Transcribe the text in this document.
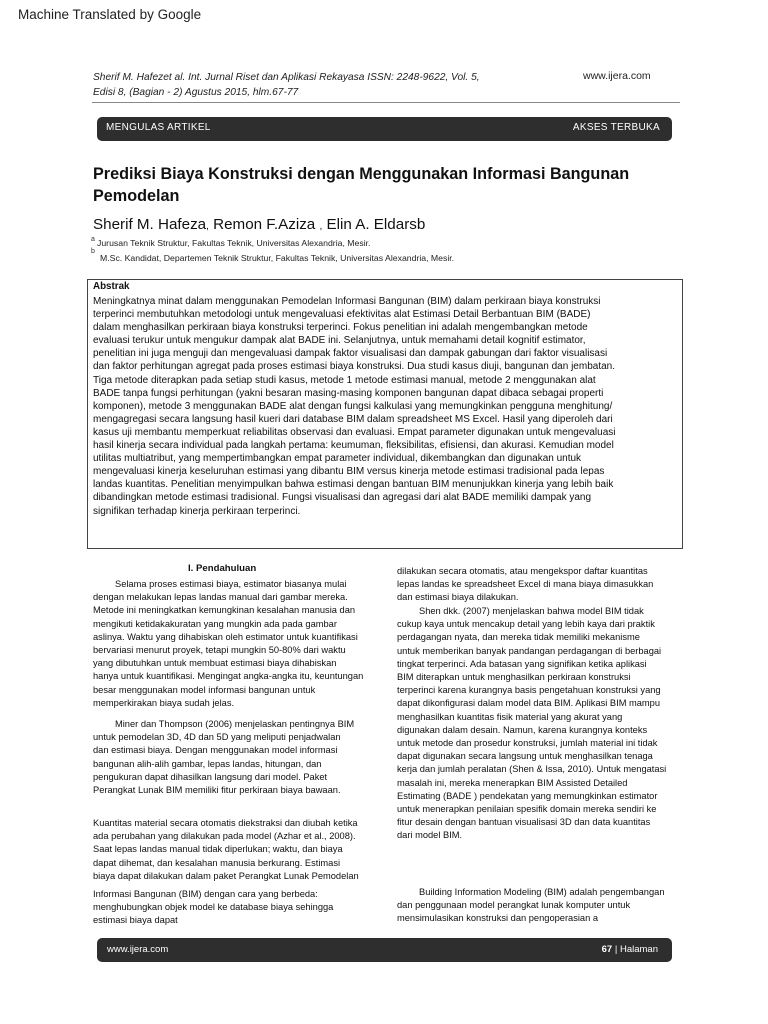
Machine Translated by Google
Sherif M. Hafezet al. Int. Jurnal Riset dan Aplikasi Rekayasa ISSN: 2248-9622, Vol. 5,
Edisi 8, (Bagian - 2) Agustus 2015, hlm.67-77
www.ijera.com
MENGULAS ARTIKEL	AKSES TERBUKA
Prediksi Biaya Konstruksi dengan Menggunakan Informasi Bangunan
Pemodelan
Sherif M. Hafeza, Remon F.Aziza , Elin A. Eldarsb
a Jurusan Teknik Struktur, Fakultas Teknik, Universitas Alexandria, Mesir.
b
M.Sc. Kandidat, Departemen Teknik Struktur, Fakultas Teknik, Universitas Alexandria, Mesir.
Abstrak
Meningkatnya minat dalam menggunakan Pemodelan Informasi Bangunan (BIM) dalam perkiraan biaya konstruksi
terperinci membutuhkan metodologi untuk mengevaluasi efektivitas alat Estimasi Detail Berbantuan BIM (BADE)
dalam menghasilkan perkiraan biaya konstruksi terperinci. Fokus penelitian ini adalah mengembangkan metode
evaluasi terukur untuk mengukur dampak alat BADE ini. Selanjutnya, untuk memahami detail kognitif estimator,
penelitian ini juga menguji dan mengevaluasi dampak faktor visualisasi dan dampak gabungan dari faktor visualisasi
dan faktor perhitungan agregat pada proses estimasi biaya konstruksi. Dua studi kasus diuji, bangunan dan jembatan.
Tiga metode diterapkan pada setiap studi kasus, metode 1 metode estimasi manual, metode 2 menggunakan alat
BADE tanpa fungsi perhitungan (yakni besaran masing-masing komponen bangunan dapat dibaca sebagai properti
komponen), metode 3 menggunakan BADE alat dengan fungsi kalkulasi yang memungkinkan pengguna menghitung/
mengagregasi secara langsung hasil kueri dari database BIM dalam spreadsheet MS Excel. Hasil yang diperoleh dari
kasus uji membantu memperkuat reliabilitas observasi dan evaluasi. Empat parameter digunakan untuk mengevaluasi
hasil kinerja secara individual pada langkah pertama: keumuman, fleksibilitas, efisiensi, dan akurasi. Kemudian model
utilitas multiatribut, yang mempertimbangkan empat parameter individual, dikembangkan dan digunakan untuk
mengevaluasi kinerja keseluruhan estimasi yang dibantu BIM versus kinerja metode estimasi tradisional pada lepas
landas kuantitas. Penelitian menyimpulkan bahwa estimasi dengan bantuan BIM menunjukkan kinerja yang lebih baik
dibandingkan metode estimasi tradisional. Fungsi visualisasi dan agregasi dari alat BADE memiliki dampak yang
signifikan terhadap kinerja perkiraan terperinci.
I. Pendahuluan
Selama proses estimasi biaya, estimator biasanya mulai
dengan melakukan lepas landas manual dari gambar mereka.
Metode ini meningkatkan kemungkinan kesalahan manusia dan
mengikuti ketidakakuratan yang mungkin ada pada gambar
aslinya. Waktu yang dihabiskan oleh estimator untuk kuantifikasi
bervariasi menurut proyek, tetapi mungkin 50-80% dari waktu
yang dibutuhkan untuk membuat estimasi biaya dihabiskan
hanya untuk kuantifikasi. Mengingat angka-angka itu, keuntungan
besar menggunakan model informasi bangunan untuk
memperkirakan biaya sudah jelas.
Miner dan Thompson (2006) menjelaskan pentingnya BIM
untuk pemodelan 3D, 4D dan 5D yang meliputi penjadwalan
dan estimasi biaya. Dengan menggunakan model informasi
bangunan alih-alih gambar, lepas landas, hitungan, dan
pengukuran dapat dihasilkan langsung dari model. Paket
Perangkat Lunak BIM memiliki fitur perkiraan biaya bawaan.
Kuantitas material secara otomatis diekstraksi dan diubah ketika
ada perubahan yang dilakukan pada model (Azhar et al., 2008).
Saat lepas landas manual tidak diperlukan; waktu, dan biaya
dapat dihemat, dan kesalahan manusia berkurang. Estimasi
biaya dapat dilakukan dalam paket Perangkat Lunak Pemodelan
Informasi Bangunan (BIM) dengan cara yang berbeda:
menghubungkan objek model ke database biaya sehingga
estimasi biaya dapat
dilakukan secara otomatis, atau mengekspor daftar kuantitas
lepas landas ke spreadsheet Excel di mana biaya dimasukkan
dan estimasi biaya dilakukan.
Shen dkk. (2007) menjelaskan bahwa model BIM tidak
cukup kaya untuk mencakup detail yang lebih kaya dari praktik
perdagangan nyata, dan mereka tidak memiliki mekanisme
untuk memberikan banyak pandangan perdagangan di berbagai
tingkat terperinci. Ada batasan yang signifikan ketika aplikasi
BIM diterapkan untuk menghasilkan perkiraan konstruksi
terperinci karena kurangnya basis pengetahuan konstruksi yang
dapat dikonfigurasi dalam model data BIM. Aplikasi BIM mampu
menghasilkan kuantitas fisik material yang akurat yang
digunakan dalam desain. Namun, karena kurangnya konteks
untuk metode dan prosedur konstruksi, jumlah material ini tidak
dapat digunakan secara langsung untuk menghasilkan tenaga
kerja dan jumlah peralatan (Shen & Issa, 2010). Untuk mengatasi
masalah ini, mereka menerapkan BIM Assisted Detailed
Estimating (BADE ) pendekatan yang memungkinkan estimator
untuk menerapkan penilaian spesifik domain mereka sendiri ke
fitur desain dengan bantuan visualisasi 3D dan data kuantitas
dari model BIM.
Building Information Modeling (BIM) adalah pengembangan
dan penggunaan model perangkat lunak komputer untuk
mensimulasikan konstruksi dan pengoperasian a
www.ijera.com	67 | Halaman
